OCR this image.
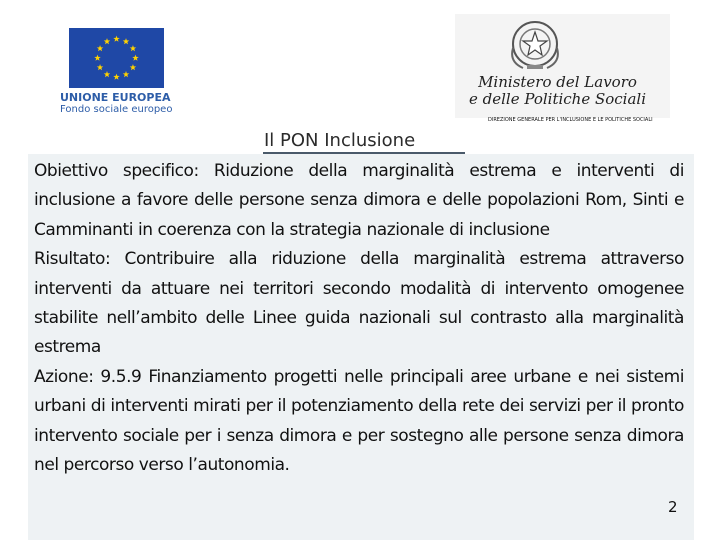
UNIONE EUROPEA
Fondo sociale europeo
Ministero del Lavoro
e delle Politiche Sociali
DIREZIONE GENERALE PER L'INCLUSIONE E LE POLITICHE SOCIALI
Il PON Inclusione

Obiettivo specifico: Riduzione della marginalità estrema e interventi di inclusione a favore delle persone senza dimora e delle popolazioni Rom, Sinti e Camminanti in coerenza con la strategia nazionale di inclusione

Risultato: Contribuire alla riduzione della marginalità estrema attraverso interventi da attuare nei territori secondo modalità di intervento omogenee stabilite nell’ambito delle Linee guida nazionali sul contrasto alla marginalità estrema

Azione: 9.5.9 Finanziamento progetti nelle principali aree urbane e nei sistemi urbani di interventi mirati per il potenziamento della rete dei servizi per il pronto intervento sociale per i senza dimora e per sostegno alle persone senza dimora nel percorso verso l’autonomia.

2
